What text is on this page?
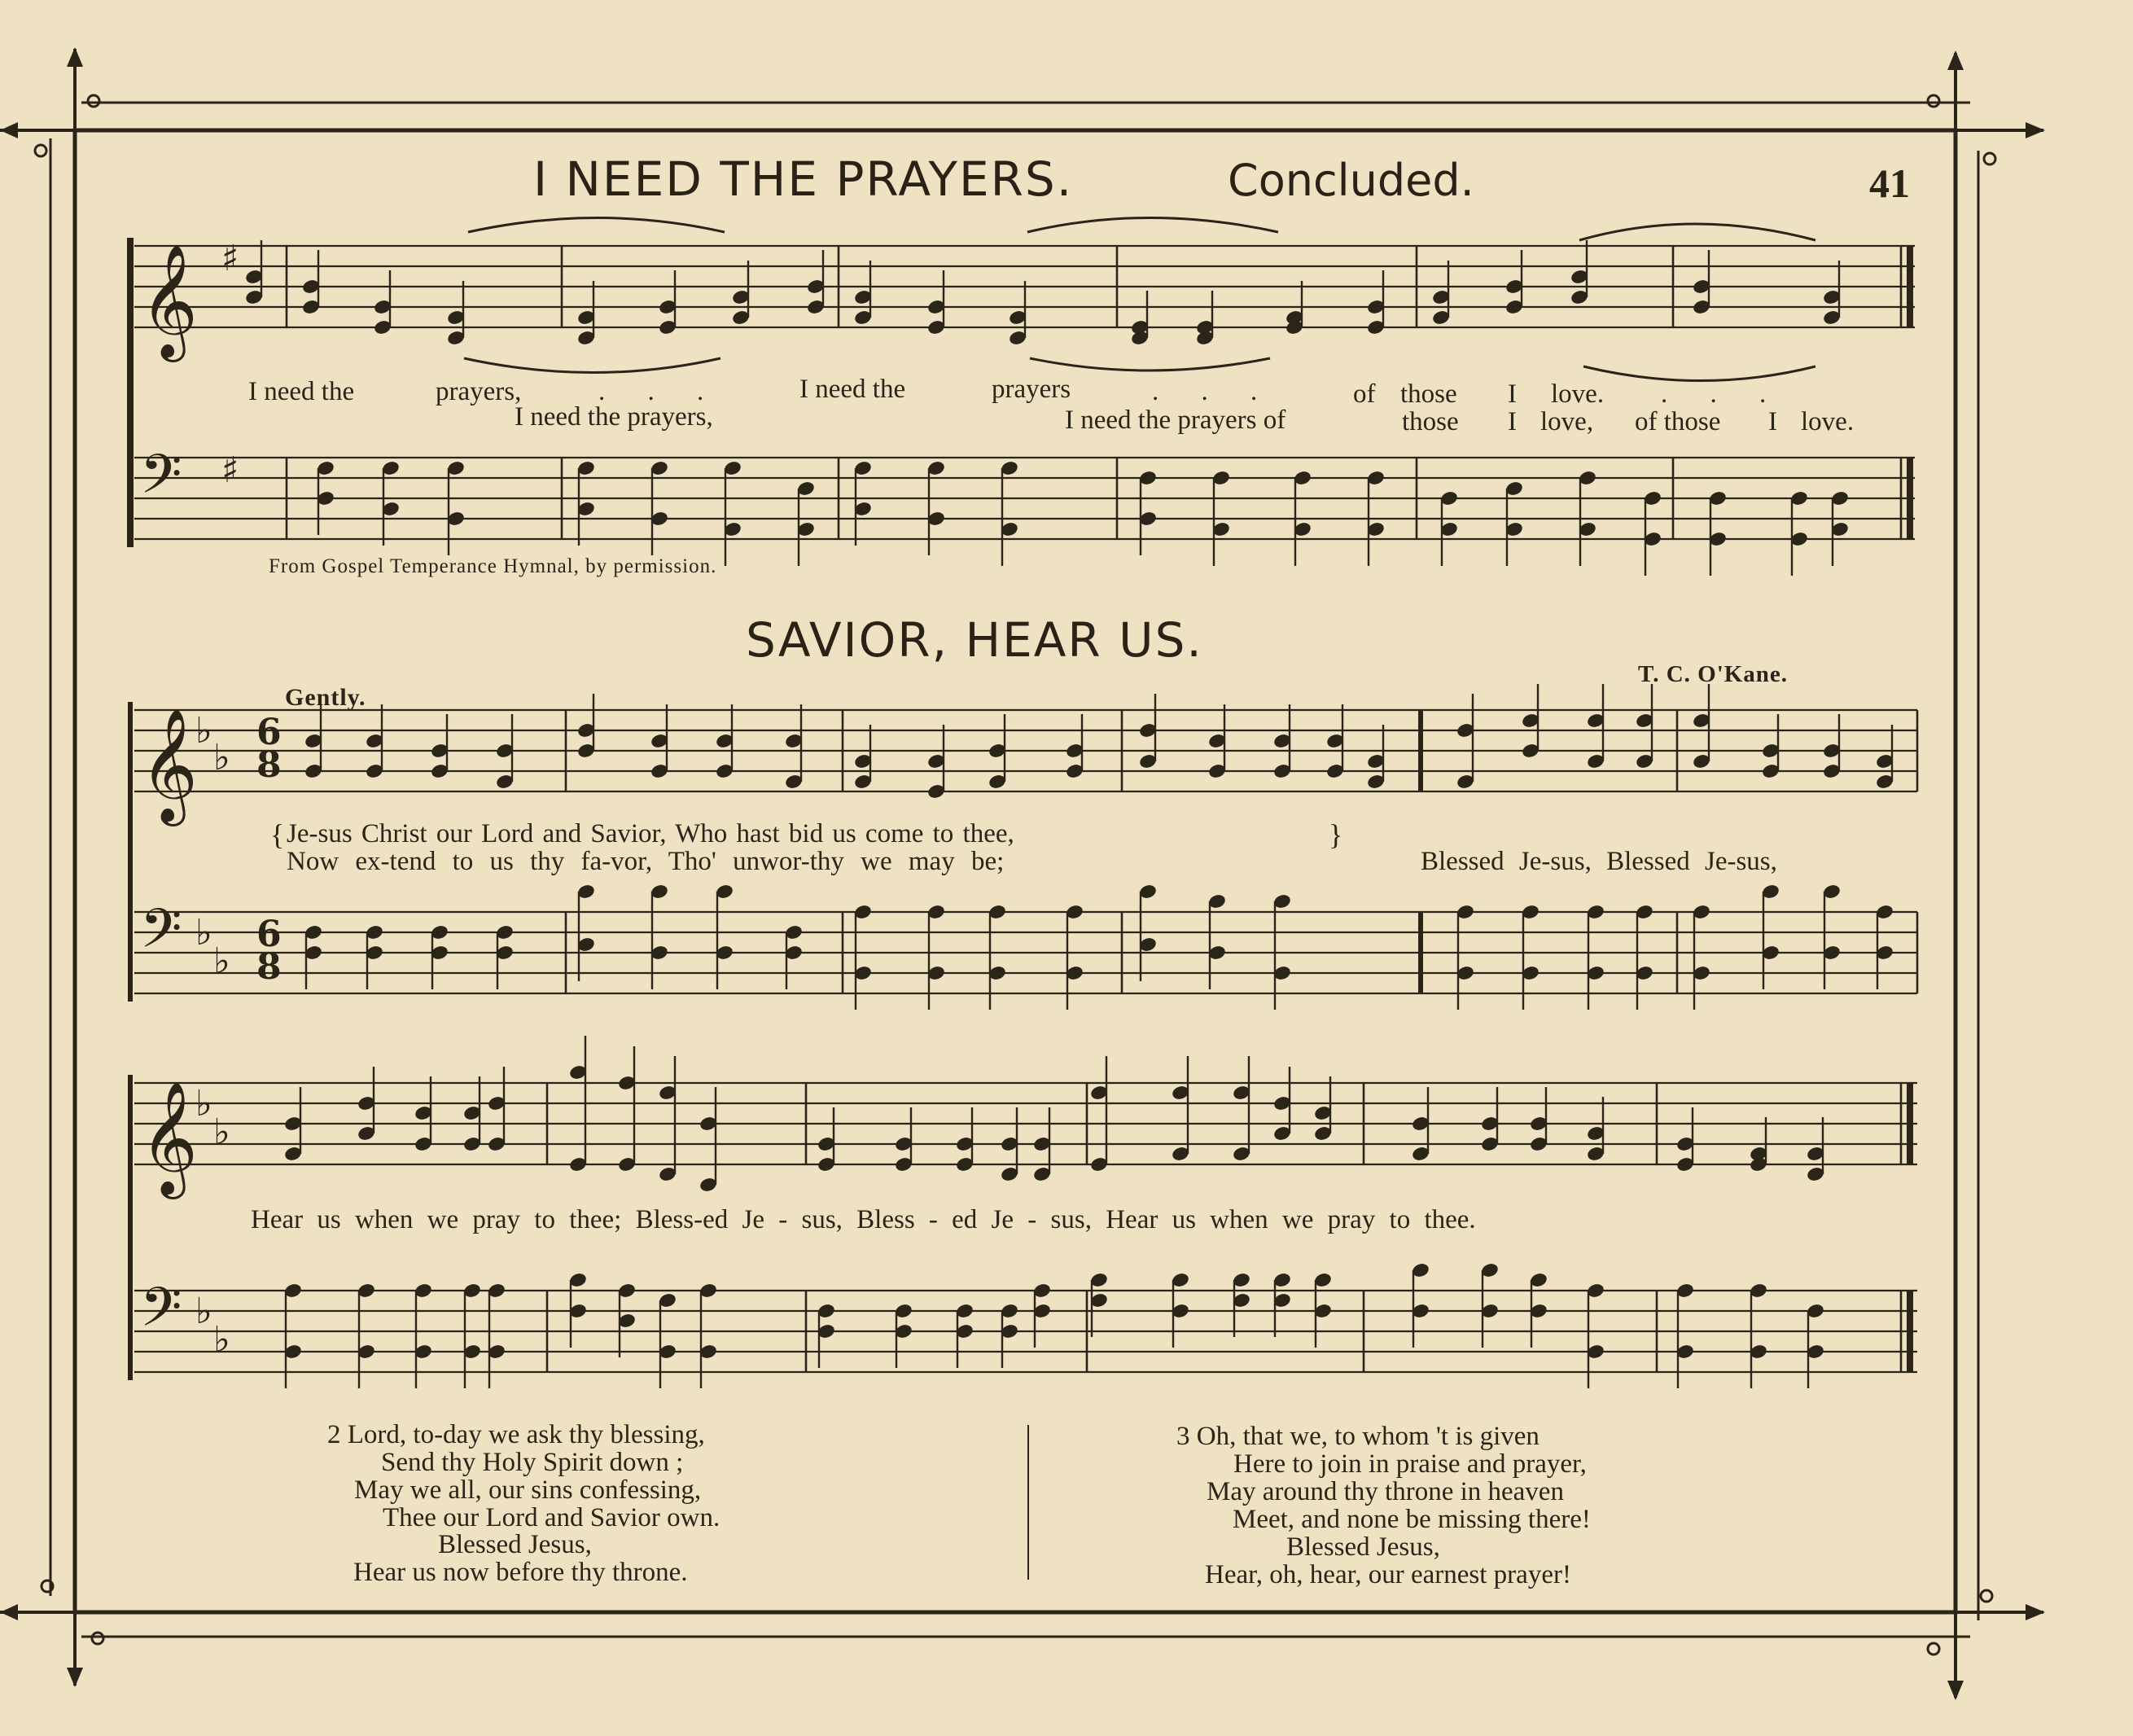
𝄞
𝄢
𝄞
𝄢
𝄞
𝄢
♯
♯
♭
♭
♭
♭
♭
♭
♭
♭
41
I NEED THE PRAYERS.	Concluded.
I need the	prayers,	. . .	I need the	prayers	. . .	of those I love. . . .
I need the prayers,	I need the prayers of	those I love, of those I love.
From Gospel Temperance Hymnal, by permission.
SAVIOR, HEAR US.
T. C. O'Kane.
Gently.
6
8
6
8
{ Je-sus Christ our Lord and Savior, Who hast bid us come to thee,
Now ex-tend to us thy fa-vor, Tho' unwor-thy we may be;
}
Blessed Je-sus, Blessed Je-sus,
Hear us when we pray to thee; Bless-ed Je - sus, Bless - ed Je - sus, Hear us when we pray to thee.
2 Lord, to-day we ask thy blessing,
Send thy Holy Spirit down ;
May we all, our sins confessing,
Thee our Lord and Savior own.
Blessed Jesus,
Hear us now before thy throne.
3 Oh, that we, to whom 't is given
Here to join in praise and prayer,
May around thy throne in heaven
Meet, and none be missing there!
Blessed Jesus,
Hear, oh, hear, our earnest prayer!
